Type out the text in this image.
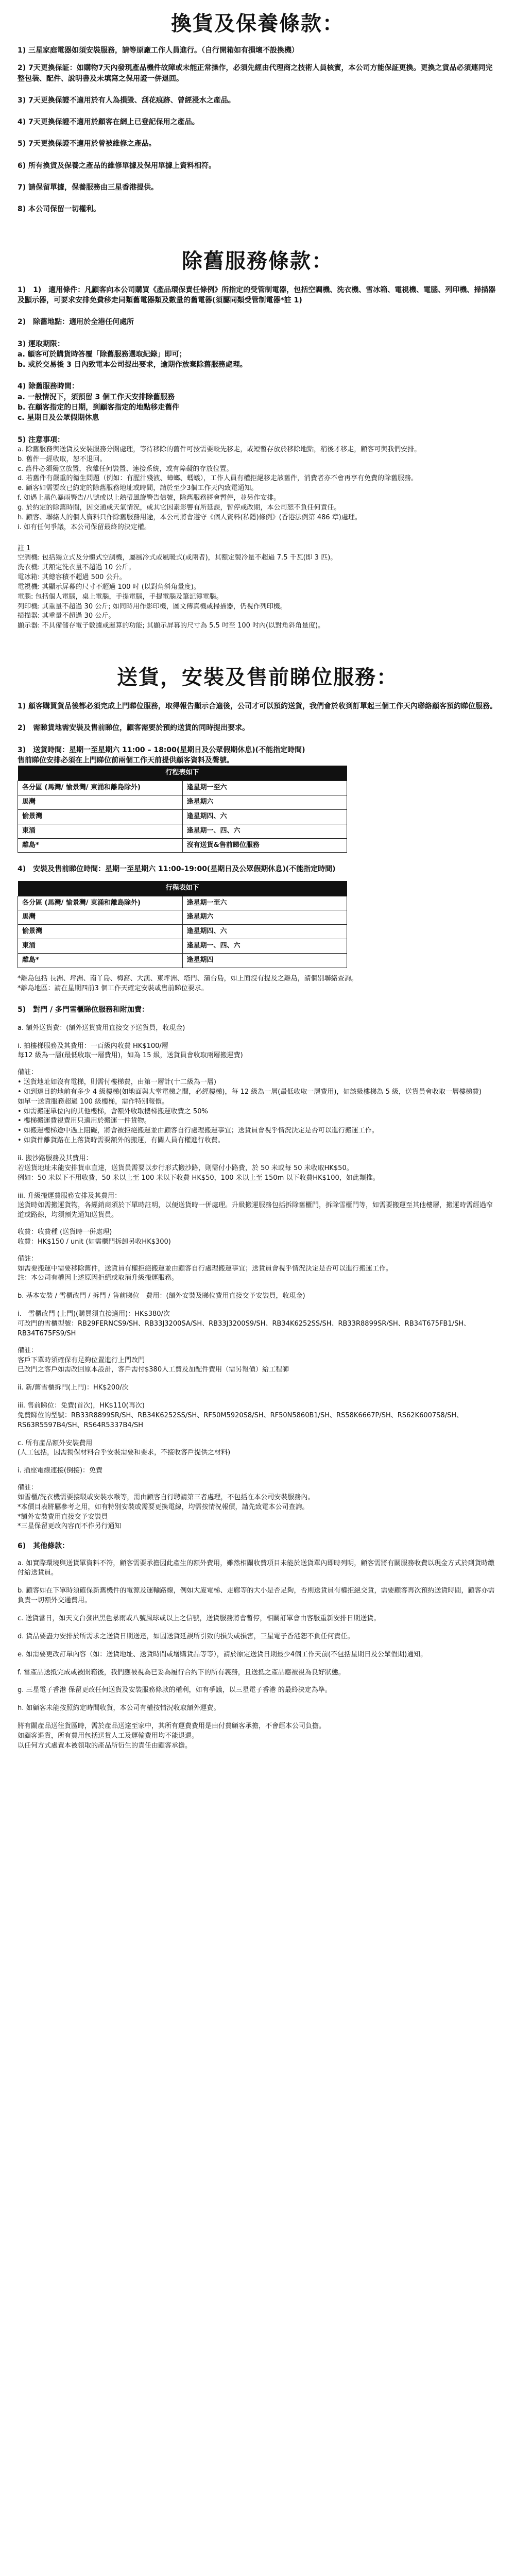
換貨及保養條款：

1) 三星家庭電器如須安裝服務，請等原廠工作人員進行。（自行開箱如有損壞不設換機）

2) 7天更換保証：如購物7天內發現產品機件故障或未能正常操作，必須先經由代理商之技術人員核實，本公司方能保証更換。更換之貨品必須連同完整包裝、配件、說明書及未填寫之保用證一併退回。

3) 7天更換保證不適用於有人為損毀、刮花痕跡、曾經浸水之產品。

4) 7天更換保證不適用於顧客在網上已登記保用之產品。

5) 7天更換保證不適用於曾被維修之產品。

6) 所有換貨及保養之產品的維修單據及保用單據上資料相符。

7) 請保留單據，保養服務由三星香港提供。

8) 本公司保留一切權利。

除舊服務條款：

1)　1)　適用條件：凡顧客向本公司購買《產品環保責任條例》所指定的受管制電器，包括空調機、洗衣機、雪冰箱、電視機、電腦、列印機、掃描器及顯示器，可要求安排免費移走同類舊電器類及數量的舊電器(須屬同類受管制電器*註 1)

2)　除舊地點：適用於全港任何處所

3) 運取期限：

a. 顧客可於購貨時答覆「除舊服務選取紀錄」即可；

b. 或於交易後 3 日內致電本公司提出要求，逾期作放棄除舊服務處理。

4) 除舊服務時間：

a. 一般情況下，須預留 3 個工作天安排除舊服務

b. 在顧客指定的日期，到顧客指定的地點移走舊件

c. 星期日及公眾假期休息

5) 注意事項：

a. 除舊服務與送貨及安裝服務分開處理，等待移除的舊件可按需要較先移走，或短暫存放於移除地點，稍後才移走，顧客可與我們安排。

b. 舊件一經收取，恕不退回。

c. 舊件必須獨立放置，我離任何裝置、連接系統，或有障礙的存放位置。

d. 若舊件有嚴重的衛生問題（例如：有腥汁殘液、蟑螂、螞蟻），工作人員有權拒絕移走該舊件，消費者亦不會再享有免費的除舊服務。

e. 顧客如需要改已約定的除舊服務地址或時間，請於至少3個工作天內致電通知。

f. 如遇上黑色暴雨警告/八號或以上熱帶風旋警告信號，除舊服務將會暫停，並另作安排。

g. 於約定的除舊時間，因交通或天氣情況，或其它因素影響有所延誤，暫停或改期，本公司恕不負任何責任。

h. 顧客、聯絡人的個人資料只作除舊服務用途，本公司將會遵守《個人資料(私隱)條例》(香港法例第 486 章)處理。

i. 如有任何爭議，本公司保留最終的決定權。

註 1

空調機: 包括獨立式及分體式空調機，屬風冷式或風暖式(或兩者)，其額定製冷量不超過 7.5 千瓦(即 3 匹)。

洗衣機: 其額定洗衣量不超過 10 公斤。

電冰箱: 其總容積不超過 500 公升。

電視機: 其顯示屏幕的尺寸不超過 100 吋 (以對角斜角量度)。

電腦: 包括個人電腦，桌上電腦，手提電腦，手提電腦及筆記簿電腦。

列印機: 其重量不超過 30 公斤; 如同時用作影印機，圖文傳真機或掃描器，仍視作列印機。

掃描器: 其重量不超過 30 公斤。

顯示器: 不具備儲存電子數據或運算的功能; 其顯示屏幕的尺寸為 5.5 吋至 100 吋內(以對角斜角量度)。

送貨，安裝及售前睇位服務：

1) 顧客購買貨品後都必須完成上門睇位服務，取得報告顯示合適後，公司才可以預約送貨，我們會於收到訂單起三個工作天內聯絡顧客預約睇位服務。

2)　需睇貨地需安裝及售前睇位，顧客需要於預約送貨的同時提出要求。

3)　送貨時間：星期一至星期六 11:00 – 18:00(星期日及公眾假期休息)(不能指定時間)

售前睇位安排必須在上門睇位前兩個工作天前提供顧客資料及聲號。

行程表如下	
各分區 (馬灣/ 愉景灣/ 東涌和離島除外)	逢星期一至六
馬灣	逢星期六
愉景灣	逢星期四、六
東涌	逢星期一、四、六
離島*	沒有送貨&售前睇位服務

4)　安裝及售前睇位時間：星期一至星期六 11:00-19:00(星期日及公眾假期休息)(不能指定時間)

行程表如下	
各分區 (馬灣/ 愉景灣/ 東涌和離島除外)	逢星期一至六
馬灣	逢星期六
愉景灣	逢星期四、六
東涌	逢星期一、四、六
離島*	逢星期四

*離島包括 長洲、坪洲、南丫島、梅窩、大澳、東坪洲、塔門、蒲台島，如上面沒有提及之離島，請個別聯絡查詢。

*離島地區：請在星期四前3 個工作天確定安裝或售前睇位要求。

5)　對門 / 多門雪櫃睇位服務和附加費：

a. 額外送貨費：(額外送貨費用直接交予送貨員，收現金)

i. 拍樓梯服務及其費用：一百級內收費 HK$100/層

每12 級為一層(最低收取一層費用)，如為 15 級，送貨員會收取兩層搬運費)

備註：

• 送貨地址如沒有電梯，則需付樓梯費，由第一層計(十二級為一層)

• 如到達目的地前有多少 4 級樓梯(如地面與大堂電梯之間，必經樓梯)，每 12 級為一層(最低收取一層費用)，如該級樓梯為 5 級，送貨員會收取一層樓梯費)

如單一送貨服務超過 100 級樓梯，需作特別報價。

• 如需搬運單位內的其他樓梯，會額外收取樓梯搬運收費之 50%

• 樓梯搬運費視費用只適用於搬運一件貨物。

• 如搬運樓梯途中遇上阻礙，將會被拒絕搬運並由顧客自行處理搬運事宜；送貨員會視乎情況決定是否可以進行搬運工作。

• 如貨件離貨路在上落貨時需要額外的搬運，有關人員有權進行收費。

ii. 搬沙路服務及其費用：

若送貨地址未能安排貨車直達，送貨員需要以步行形式搬沙路，則需付小路費，於 50 米或每 50 米收取HK$50。

例如：50 米以下不用收費，50 米以上至 100 米以下收費 HK$50，100 米以上至 150m 以下收費HK$100，如此類推。

iii. 升級搬運費服務安排及其費用：

送貨時如需搬運貨物，各經銷商須於下單時註明，以便送貨時一併處理。升級搬運服務包括拆除舊櫃門，拆除雪櫃門等，如需要搬運至其他樓層，搬運時需經過窄道或路線，均須預先通知送貨員。

收費：收費種 (送貨時一併處理)

收費：HK$150 / unit (如需櫃門拆卸另收HK$300)

備註：

如需要搬運中需要移除舊件，送貨員有權拒絕搬運並由顧客自行處理搬運事宜；送貨員會視乎情況決定是否可以進行搬運工作。

註：本公司有權因上述原因拒絕或取消升級搬運服務。

b. 基本安裝 / 雪櫃改門 / 拆門 / 售前睇位　費用：(額外安裝及睇位費用直接交予安裝員，收現金)

i.　雪櫃改門 (上門)(購買須直接適用)：HK$380/次

可改門的雪櫃型號：RB29FERNCS9/SH、RB33J3200SA/SH、RB33J3200S9/SH、RB34K6252SS/SH、RB33R8899SR/SH、RB34T675FB1/SH、RB34T675FS9/SH

備註：

客戶下單時須確保有足夠位置進行上門改門

已改門之客戶如需改回原本設計，客戶需付$380人工費及加配件費用（需另報價）給工程師

ii. 新/舊雪櫃拆門(上門)：HK$200/次

iii. 售前睇位：免費(首次)，HK$110(再次)

免費睇位的型號：RB33R8899SR/SH、RB34K6252SS/SH、RF50M5920S8/SH、RF50N5860B1/SH、RS58K6667P/SH、RS62K6007S8/SH、RS63R5597B4/SH、RS64R5337B4/SH

c. 所有產品額外安裝費用

(人工包括，因需獨保材料合乎安裝需要和要求，不接收客戶提供之材料)

i. 插座電線連接(倒接)：免費

備註：

如雪櫃/洗衣機需要接駁或安裝水喉等，需由顧客自行聘請第三者處理，不包括在本公司安裝服務內。

*本價目表將屬參考之用，如有特別安裝或需要更換電線，均需按情況報價，請先致電本公司查詢。

*額外安裝費用直接交予安裝員

*三星保留更改內容而不作另行通知

6)　其他條款：

a. 如實際環境與送貨單資料不符，顧客需要承擔因此產生的額外費用，雖然相關收費項目未能於送貨單內即時列明，顧客需將有關服務收費以現金方式於到貨時繳付給送貨員。

b. 顧客如在下單時須確保新舊機件的電源及運輸路線，例如大廈電梯、走廊等的大小是否足夠，否則送貨員有權拒絕交貨，需要顧客再次預約送貨時間，顧客亦需負責一切額外交通費用。

c. 送貨當日，如天文台發出黑色暴雨或八號風球或以上之信號，送貨服務將會暫停，相關訂單會由客服重新安排日期送貨。

d. 貨品要盡力安排於所需求之送貨日期送達，如因送貨延誤所引致的損失或損害，三星電子香港恕不負任何責任。

e. 如需要更改訂單內容（如：送貨地址、送貨時間或增購貨品等等），請於原定送貨日期最少4個工作天前(不包括星期日及公眾假期)通知。

f. 當產品送抵完成或被開箱後，我們應被視為已妥為履行合約下的所有義務，且送抵之產品應被視為良好狀態。

g. 三星電子香港 保留更改任何送貨及安裝服務條款的權利，如有爭議，以三星電子香港 的最終決定為準。

h. 如顧客未能按照約定時間收貨，本公司有權按情況收取額外運費。

將有關產品送往貨區時，需於產品送達至家中，其所有運費費用是由付費顧客承擔，不會經本公司負擔。

如顧客退貨，所有費用包括送貨人工及運輸費用均不能退還。

以任何方式處置本被領取的產品所衍生的責任由顧客承擔。
